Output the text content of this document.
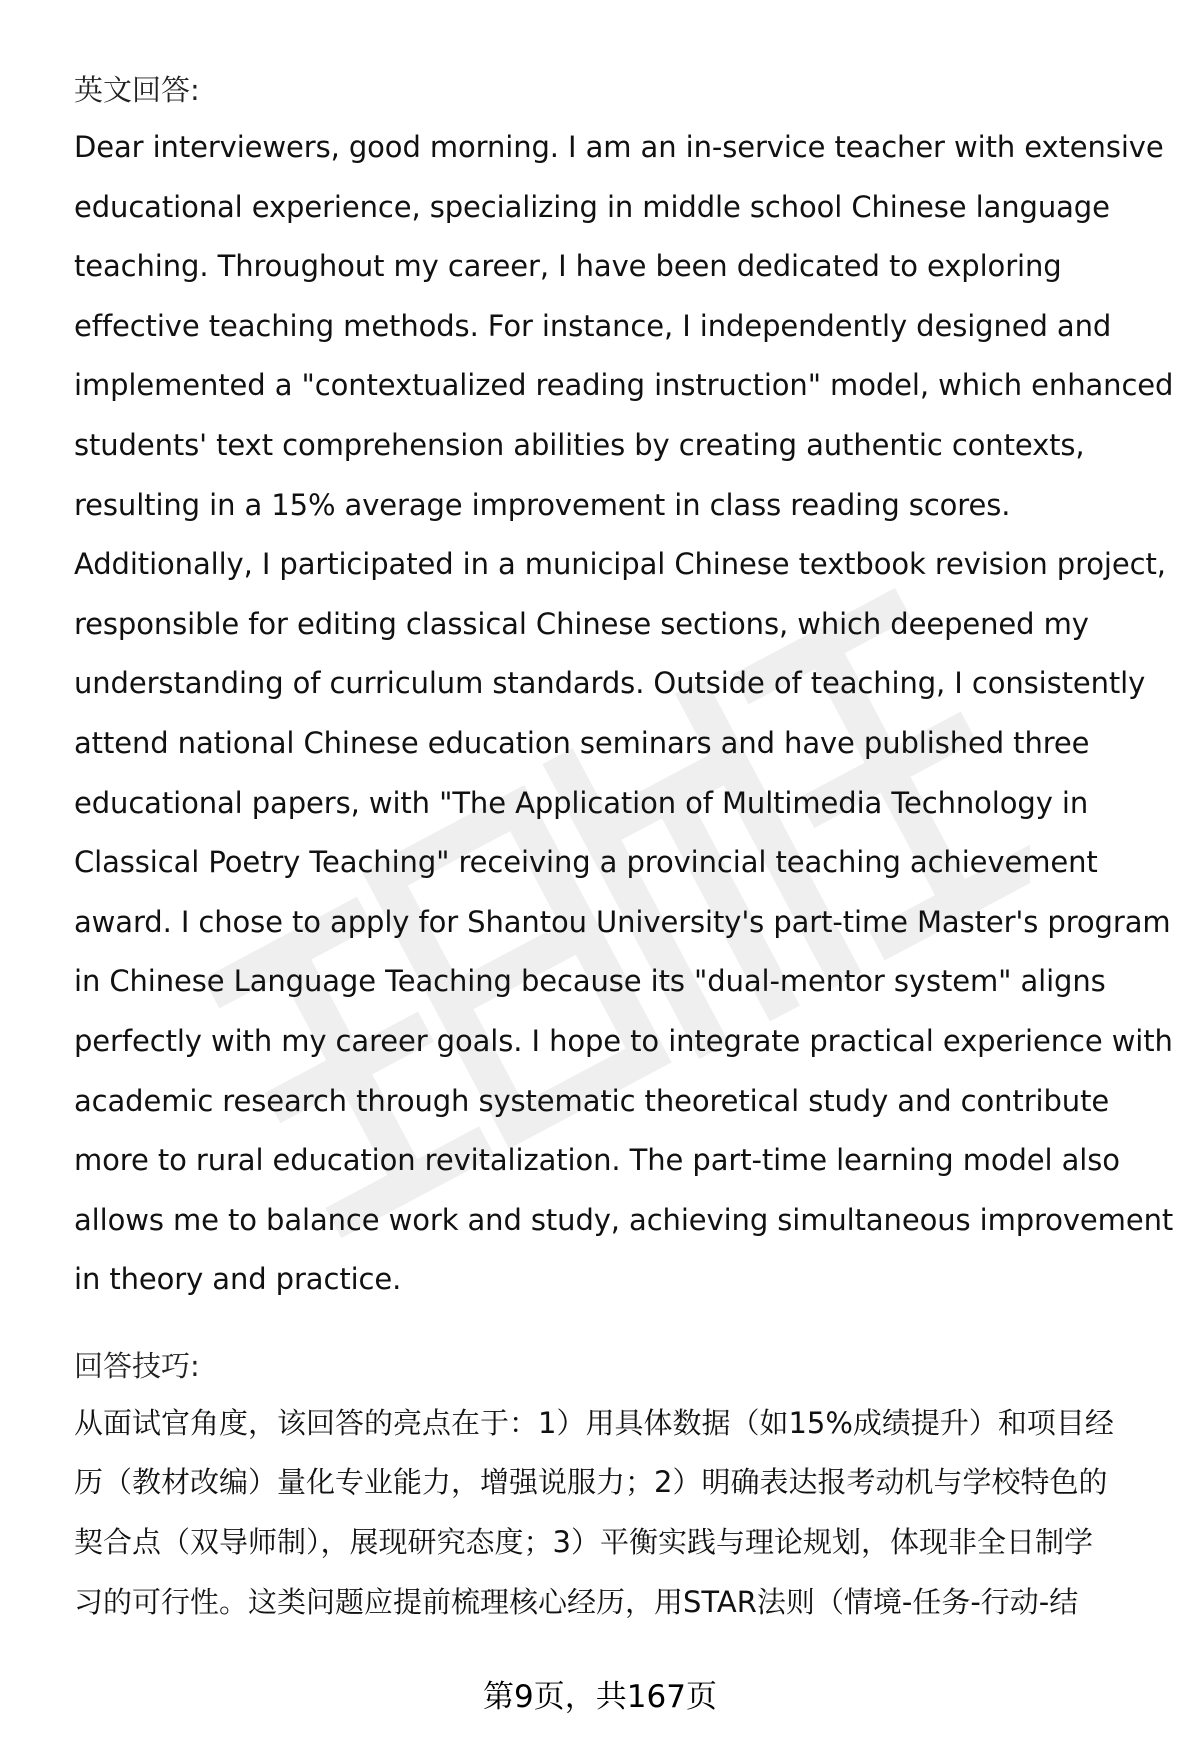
英文回答:

Dear interviewers, good morning. I am an in-service teacher with extensive
educational experience, specializing in middle school Chinese language
teaching. Throughout my career, I have been dedicated to exploring
effective teaching methods. For instance, I independently designed and
implemented a "contextualized reading instruction" model, which enhanced
students' text comprehension abilities by creating authentic contexts,
resulting in a 15% average improvement in class reading scores.
Additionally, I participated in a municipal Chinese textbook revision project,
responsible for editing classical Chinese sections, which deepened my
understanding of curriculum standards. Outside of teaching, I consistently
attend national Chinese education seminars and have published three
educational papers, with "The Application of Multimedia Technology in
Classical Poetry Teaching" receiving a provincial teaching achievement
award. I chose to apply for Shantou University's part-time Master's program
in Chinese Language Teaching because its "dual-mentor system" aligns
perfectly with my career goals. I hope to integrate practical experience with
academic research through systematic theoretical study and contribute
more to rural education revitalization. The part-time learning model also
allows me to balance work and study, achieving simultaneous improvement
in theory and practice.

回答技巧:

从面试官角度，该回答的亮点在于：1）用具体数据（如15%成绩提升）和项目经
历（教材改编）量化专业能力，增强说服力；2）明确表达报考动机与学校特色的
契合点（双导师制），展现研究态度；3）平衡实践与理论规划，体现非全日制学
习的可行性。这类问题应提前梳理核心经历，用STAR法则（情境-任务-行动-结
第9页，共167页
